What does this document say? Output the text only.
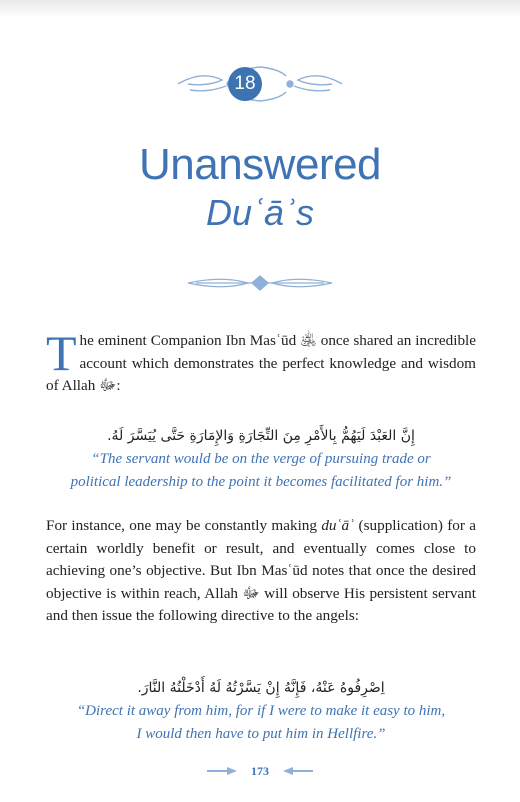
18
Unanswered
Duʿāʾs

The eminent Companion Ibn Masʿūd ﵁ once shared an incredible account which demonstrates the perfect knowledge and wisdom of Allah ﷻ:

إِنَّ العَبْدَ لَيَهُمُّ بِالأَمْرِ مِنَ التِّجَارَةِ وَالإِمَارَةِ حَتَّى يُيَسَّرَ لَهُ.

“The servant would be on the verge of pursuing trade or

political leadership to the point it becomes facilitated for him.”

For instance, one may be constantly making duʿāʾ (supplication) for a certain worldly benefit or result, and eventually comes close to achieving one’s objective. But Ibn Masʿūd notes that once the desired objective is within reach, Allah ﷻ will observe His persistent servant and then issue the following directive to the angels:

اِصْرِفُوهُ عَنْهُ، فَإِنَّهُ إِنْ يَسَّرْتُهُ لَهُ أَدْخَلْتُهُ النَّارَ.

“Direct it away from him, for if I were to make it easy to him,

I would then have to put him in Hellfire.”

173
